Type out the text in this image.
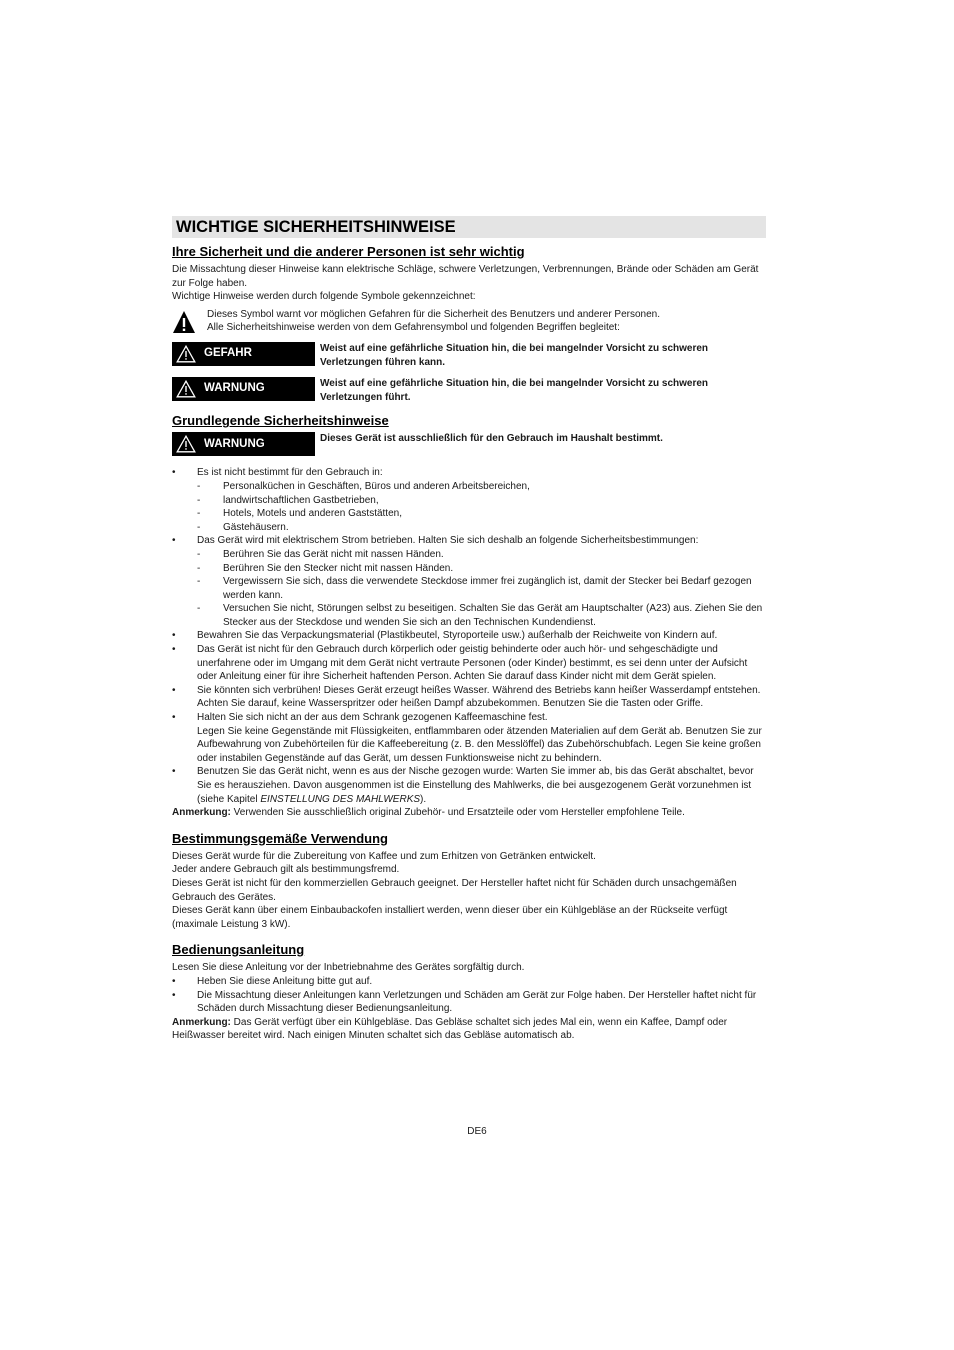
WICHTIGE SICHERHEITSHINWEISE
Ihre Sicherheit und die anderer Personen ist sehr wichtig

Die Missachtung dieser Hinweise kann elektrische Schläge, schwere Verletzungen, Verbrennungen, Brände oder Schäden am Gerät zur Folge haben.

Wichtige Hinweise werden durch folgende Symbole gekennzeichnet:

Dieses Symbol warnt vor möglichen Gefahren für die Sicherheit des Benutzers und anderer Personen.

Alle Sicherheitshinweise werden von dem Gefahrensymbol und folgenden Begriffen begleitet:

GEFAHR	Weist auf eine gefährliche Situation hin, die bei mangelnder Vorsicht zu schweren Verletzungen führen kann.
WARNUNG	Weist auf eine gefährliche Situation hin, die bei mangelnder Vorsicht zu schweren Verletzungen führt.
Grundlegende Sicherheitshinweise
WARNUNG	Dieses Gerät ist ausschließlich für den Gebrauch im Haushalt bestimmt.
• Es ist nicht bestimmt für den Gebrauch in:
- Personalküchen in Geschäften, Büros und anderen Arbeitsbereichen,
- landwirtschaftlichen Gastbetrieben,
- Hotels, Motels und anderen Gaststätten,
- Gästehäusern.
• Das Gerät wird mit elektrischem Strom betrieben. Halten Sie sich deshalb an folgende Sicherheitsbestimmungen:
- Berühren Sie das Gerät nicht mit nassen Händen.
- Berühren Sie den Stecker nicht mit nassen Händen.
- Vergewissern Sie sich, dass die verwendete Steckdose immer frei zugänglich ist, damit der Stecker bei Bedarf gezogen werden kann.
- Versuchen Sie nicht, Störungen selbst zu beseitigen. Schalten Sie das Gerät am Hauptschalter (A23) aus. Ziehen Sie den Stecker aus der Steckdose und wenden Sie sich an den Technischen Kundendienst.
• Bewahren Sie das Verpackungsmaterial (Plastikbeutel, Styroporteile usw.) außerhalb der Reichweite von Kindern auf.
• Das Gerät ist nicht für den Gebrauch durch körperlich oder geistig behinderte oder auch hör- und sehgeschädigte und unerfahrene oder im Umgang mit dem Gerät nicht vertraute Personen (oder Kinder) bestimmt, es sei denn unter der Aufsicht oder Anleitung einer für ihre Sicherheit haftenden Person. Achten Sie darauf dass Kinder nicht mit dem Gerät spielen.
• Sie könnten sich verbrühen! Dieses Gerät erzeugt heißes Wasser. Während des Betriebs kann heißer Wasserdampf entstehen. Achten Sie darauf, keine Wasserspritzer oder heißen Dampf abzubekommen. Benutzen Sie die Tasten oder Griffe.
• Halten Sie sich nicht an der aus dem Schrank gezogenen Kaffeemaschine fest.
Legen Sie keine Gegenstände mit Flüssigkeiten, entflammbaren oder ätzenden Materialien auf dem Gerät ab. Benutzen Sie zur Aufbewahrung von Zubehörteilen für die Kaffeebereitung (z. B. den Messlöffel) das Zubehörschubfach. Legen Sie keine großen oder instabilen Gegenstände auf das Gerät, um dessen Funktionsweise nicht zu behindern.
• Benutzen Sie das Gerät nicht, wenn es aus der Nische gezogen wurde: Warten Sie immer ab, bis das Gerät abschaltet, bevor Sie es herausziehen. Davon ausgenommen ist die Einstellung des Mahlwerks, die bei ausgezogenem Gerät vorzunehmen ist (siehe Kapitel EINSTELLUNG DES MAHLWERKS).

Anmerkung: Verwenden Sie ausschließlich original Zubehör- und Ersatzteile oder vom Hersteller empfohlene Teile.

Bestimmungsgemäße Verwendung

Dieses Gerät wurde für die Zubereitung von Kaffee und zum Erhitzen von Getränken entwickelt.

Jeder andere Gebrauch gilt als bestimmungsfremd.

Dieses Gerät ist nicht für den kommerziellen Gebrauch geeignet. Der Hersteller haftet nicht für Schäden durch unsachgemäßen Gebrauch des Gerätes.

Dieses Gerät kann über einem Einbaubackofen installiert werden, wenn dieser über ein Kühlgebläse an der Rückseite verfügt (maximale Leistung 3 kW).

Bedienungsanleitung

Lesen Sie diese Anleitung vor der Inbetriebnahme des Gerätes sorgfältig durch.

• Heben Sie diese Anleitung bitte gut auf.
• Die Missachtung dieser Anleitungen kann Verletzungen und Schäden am Gerät zur Folge haben. Der Hersteller haftet nicht für Schäden durch Missachtung dieser Bedienungsanleitung.

Anmerkung: Das Gerät verfügt über ein Kühlgebläse. Das Gebläse schaltet sich jedes Mal ein, wenn ein Kaffee, Dampf oder Heißwasser bereitet wird. Nach einigen Minuten schaltet sich das Gebläse automatisch ab.

DE6
